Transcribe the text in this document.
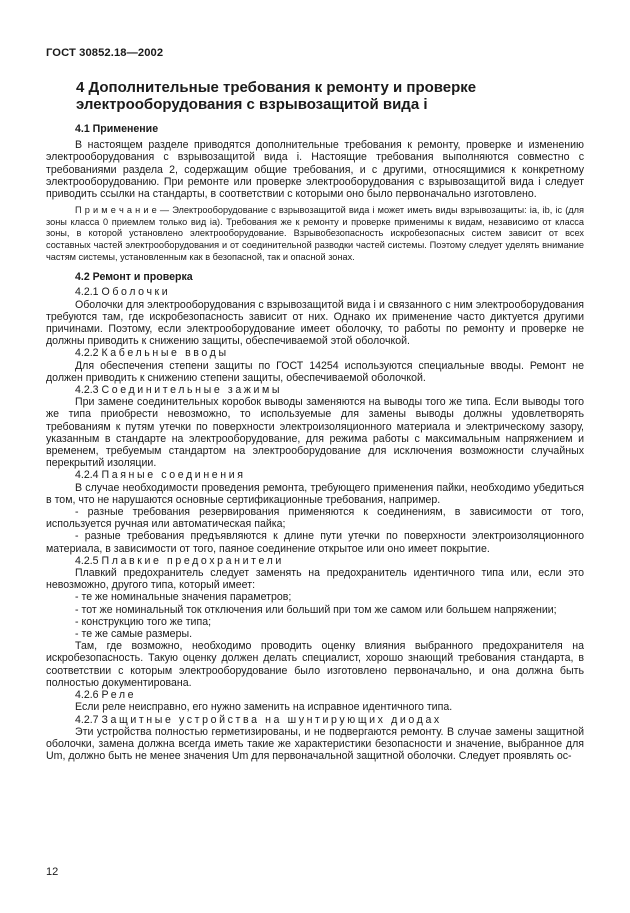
ГОСТ 30852.18—2002
4 Дополнительные требования к ремонту и проверке электрооборудования c взрывозащитой вида i

4.1 Применение

В настоящем разделе приводятся дополнительные требования к ремонту, проверке и изменению электрооборудования с взрывозащитой вида i. Настоящие требования выполняются совместно с требованиями раздела 2, содержащим общие требования, и с другими, относящимися к конкретному электрооборудованию. При ремонте или проверке электрооборудования с взрывозащитой вида i следует приводить ссылки на стандарты, в соответствии с которыми оно было первоначально изготовлено.

П р и м е ч а н и е — Электрооборудование с взрывозащитой вида i может иметь виды взрывозащиты: ia, ib, ic (для зоны класса 0 приемлем только вид ia). Требования же к ремонту и проверке применимы к видам, независимо от класса зоны, в которой установлено электрооборудование. Взрывобезопасность искробезопасных систем зависит от всех составных частей электрооборудования и от соединительной разводки частей системы. Поэтому следует уделять внимание частям системы, установленным как в безопасной, так и опасной зонах.

4.2 Ремонт и проверка

4.2.1 Оболочки

Оболочки для электрооборудования с взрывозащитой вида i и связанного с ним электрооборудования требуются там, где искробезопасность зависит от них. Однако их применение часто диктуется другими причинами. Поэтому, если электрооборудование имеет оболочку, то работы по ремонту и проверке не должны приводить к снижению защиты, обеспечиваемой этой оболочкой.

4.2.2 Кабельные вводы

Для обеспечения степени защиты по ГОСТ 14254 используются специальные вводы. Ремонт не должен приводить к снижению степени защиты, обеспечиваемой оболочкой.

4.2.3 Соединительные зажимы

При замене соединительных коробок выводы заменяются на выводы того же типа. Если выводы того же типа приобрести невозможно, то используемые для замены выводы должны удовлетворять требованиям к путям утечки по поверхности электроизоляционного материала и электрическому зазору, указанным в стандарте на электрооборудование, для режима работы с максимальным напряжением и временем, требуемым стандартом на электрооборудование для исключения возможности случайных перекрытий изоляции.

4.2.4 Паяные соединения

В случае необходимости проведения ремонта, требующего применения пайки, необходимо убедиться в том, что не нарушаются основные сертификационные требования, например.

- разные требования резервирования применяются к соединениям, в зависимости от того, используется ручная или автоматическая пайка;

- разные требования предъявляются к длине пути утечки по поверхности электроизоляционного материала, в зависимости от того, паяное соединение открытое или оно имеет покрытие.

4.2.5 Плавкие предохранители

Плавкий предохранитель следует заменять на предохранитель идентичного типа или, если это невозможно, другого типа, который имеет:

- те же номинальные значения параметров;

- тот же номинальный ток отключения или больший при том же самом или большем напряжении;

- конструкцию того же типа;

- те же самые размеры.

Там, где возможно, необходимо проводить оценку влияния выбранного предохранителя на искробезопасность. Такую оценку должен делать специалист, хорошо знающий требования стандарта, в соответствии с которым электрооборудование было изготовлено первоначально, и она должна быть полностью документирована.

4.2.6 Реле

Если реле неисправно, его нужно заменить на исправное идентичного типа.

4.2.7 Защитные устройства на шунтирующих диодах

Эти устройства полностью герметизированы, и не подвергаются ремонту. В случае замены защитной оболочки, замена должна всегда иметь такие же характеристики безопасности и значение, выбранное для Um, должно быть не менее значения Um для первоначальной защитной оболочки. Следует проявлять ос-

12
